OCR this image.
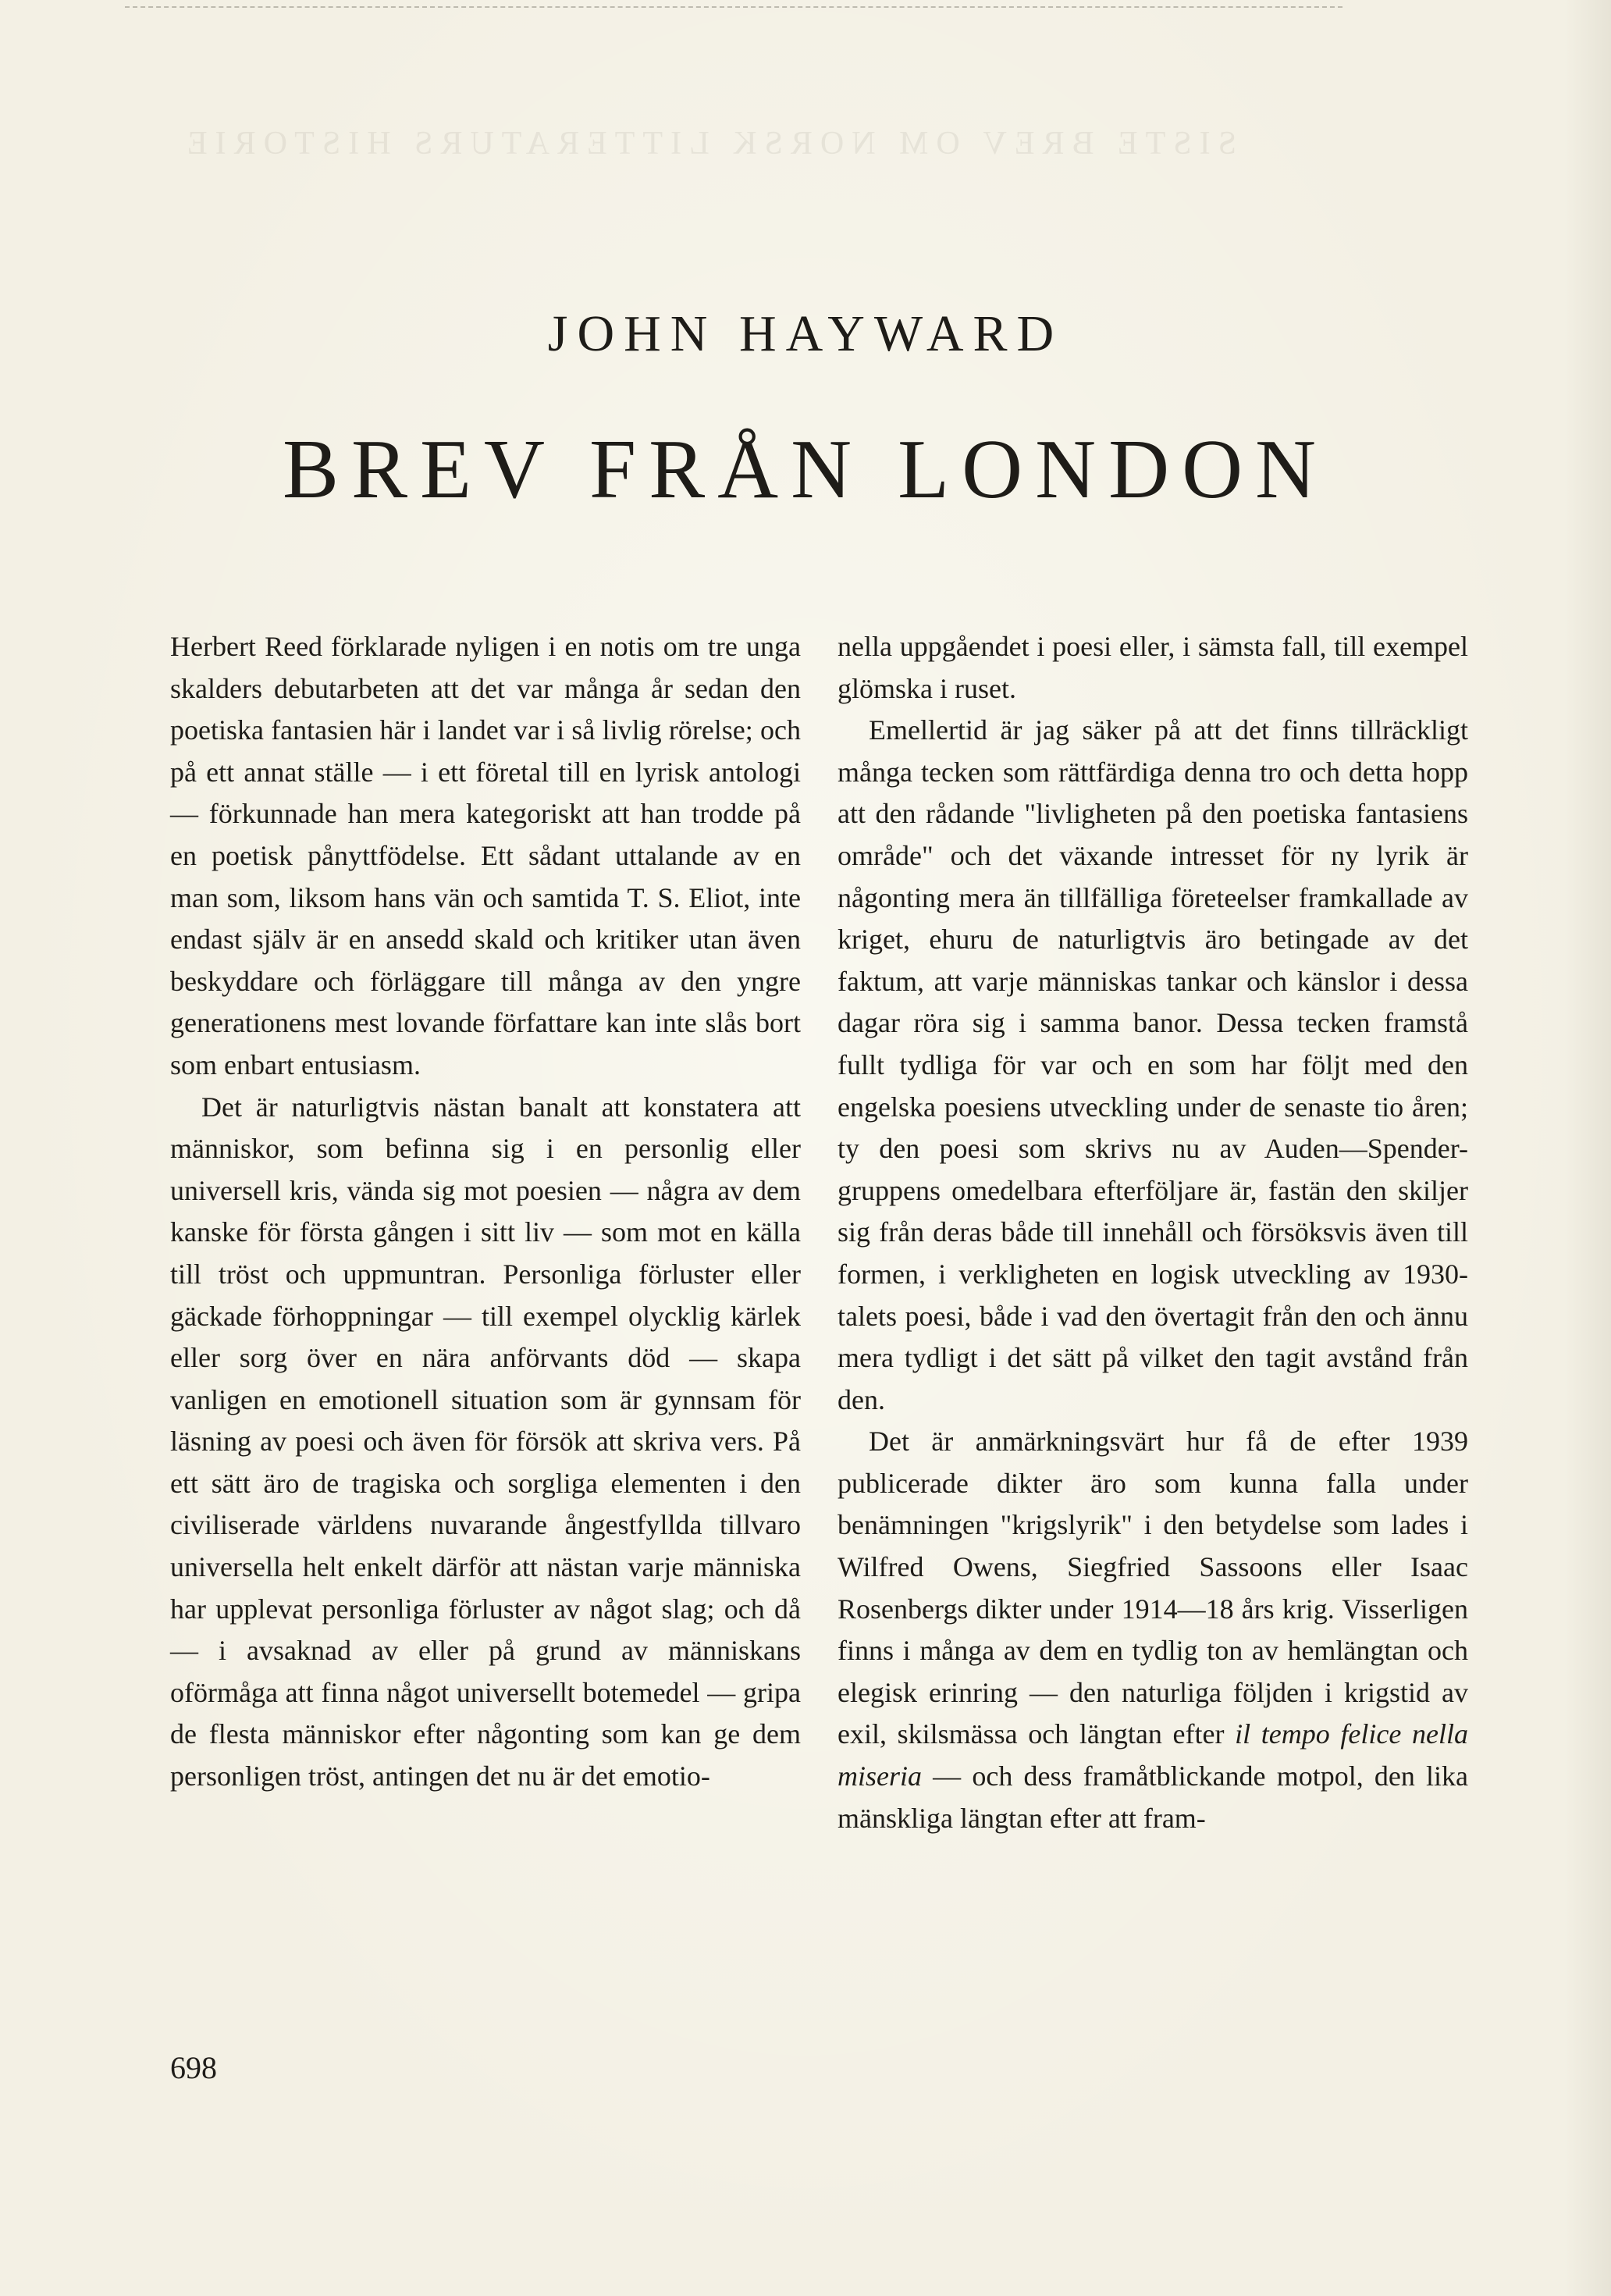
SISTE BREV OM NORSK LITTERATURS HISTORIE
JOHN HAYWARD
BREV FRÅN LONDON

Herbert Reed förklarade nyligen i en notis om tre unga skalders debutarbeten att det var många år sedan den poetiska fantasien här i landet var i så livlig rörelse; och på ett annat ställe — i ett företal till en lyrisk antologi — förkunnade han mera kategoriskt att han trodde på en poetisk pånyttfödelse. Ett sådant uttalande av en man som, liksom hans vän och samtida T. S. Eliot, inte endast själv är en ansedd skald och kritiker utan även beskyddare och förläggare till många av den yngre generationens mest lovande författare kan inte slås bort som enbart entusiasm.

Det är naturligtvis nästan banalt att konstatera att människor, som befinna sig i en personlig eller universell kris, vända sig mot poesien — några av dem kanske för första gången i sitt liv — som mot en källa till tröst och uppmuntran. Personliga förluster eller gäckade förhoppningar — till exempel olycklig kärlek eller sorg över en nära anförvants död — skapa vanligen en emotionell situation som är gynnsam för läsning av poesi och även för försök att skriva vers. På ett sätt äro de tragiska och sorgliga elementen i den civiliserade världens nuvarande ångestfyllda tillvaro universella helt enkelt därför att nästan varje människa har upplevat personliga förluster av något slag; och då — i avsaknad av eller på grund av människans oförmåga att finna något universellt botemedel — gripa de flesta människor efter någonting som kan ge dem personligen tröst, antingen det nu är det emotio-

nella uppgåendet i poesi eller, i sämsta fall, till exempel glömska i ruset.

Emellertid är jag säker på att det finns tillräckligt många tecken som rättfärdiga denna tro och detta hopp att den rådande "livligheten på den poetiska fantasiens område" och det växande intresset för ny lyrik är någonting mera än tillfälliga företeelser framkallade av kriget, ehuru de naturligtvis äro betingade av det faktum, att varje människas tankar och känslor i dessa dagar röra sig i samma banor. Dessa tecken framstå fullt tydliga för var och en som har följt med den engelska poesiens utveckling under de senaste tio åren; ty den poesi som skrivs nu av Auden—Spender-gruppens omedelbara efterföljare är, fastän den skiljer sig från deras både till innehåll och försöksvis även till formen, i verkligheten en logisk utveckling av 1930-talets poesi, både i vad den övertagit från den och ännu mera tydligt i det sätt på vilket den tagit avstånd från den.

Det är anmärkningsvärt hur få de efter 1939 publicerade dikter äro som kunna falla under benämningen "krigslyrik" i den betydelse som lades i Wilfred Owens, Siegfried Sassoons eller Isaac Rosenbergs dikter under 1914—18 års krig. Visserligen finns i många av dem en tydlig ton av hemlängtan och elegisk erinring — den naturliga följden i krigstid av exil, skilsmässa och längtan efter il tempo felice nella miseria — och dess framåtblickande motpol, den lika mänskliga längtan efter att fram-

698
